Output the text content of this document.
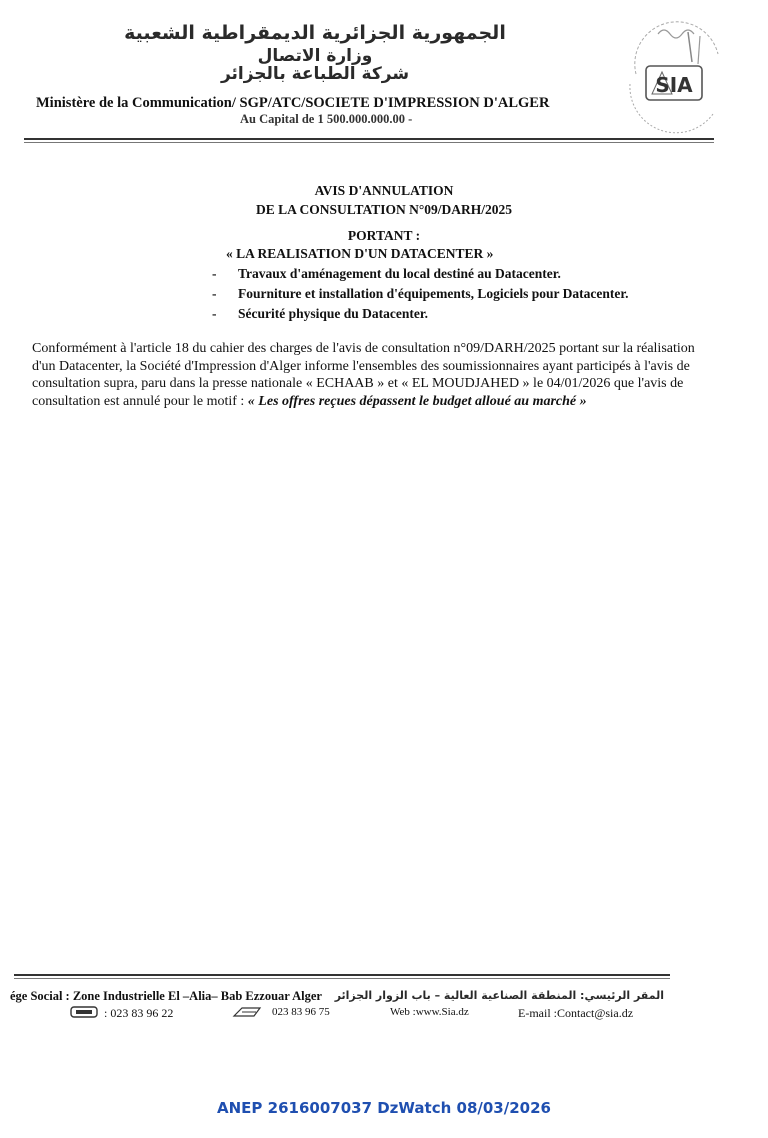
الجمهورية الجزائرية الديمقراطية الشعبية
وزارة الاتصال
شركة الطباعة بالجزائر
Ministère de la Communication/ SGP/ATC/SOCIETE D'IMPRESSION D'ALGER
Au Capital de 1 500.000.000.00 -
SIA
AVIS D'ANNULATION
DE LA CONSULTATION N°09/DARH/2025
PORTANT :
« LA REALISATION D'UN DATACENTER »
- Travaux d'aménagement du local destiné au Datacenter.
- Fourniture et installation d'équipements, Logiciels pour Datacenter.
- Sécurité physique du Datacenter.
Conformément à l'article 18 du cahier des charges de l'avis de consultation n°09/DARH/2025 portant sur la réalisation d'un Datacenter, la Société d'Impression d'Alger informe l'ensembles des soumissionnaires ayant participés à l'avis de consultation supra, paru dans la presse nationale « ECHAAB » et « EL MOUDJAHED » le 04/01/2026 que l'avis de consultation est annulé pour le motif : « Les offres reçues dépassent le budget alloué au marché »
ége Social : Zone Industrielle El –Alia– Bab Ezzouar Alger المقر الرئيسي: المنطقة الصناعية العالية – باب الزوار الجزائر
: 023 83 96 22	023 83 96 75	Web :www.Sia.dz	E-mail :Contact@sia.dz
ANEP 2616007037 DzWatch 08/03/2026
